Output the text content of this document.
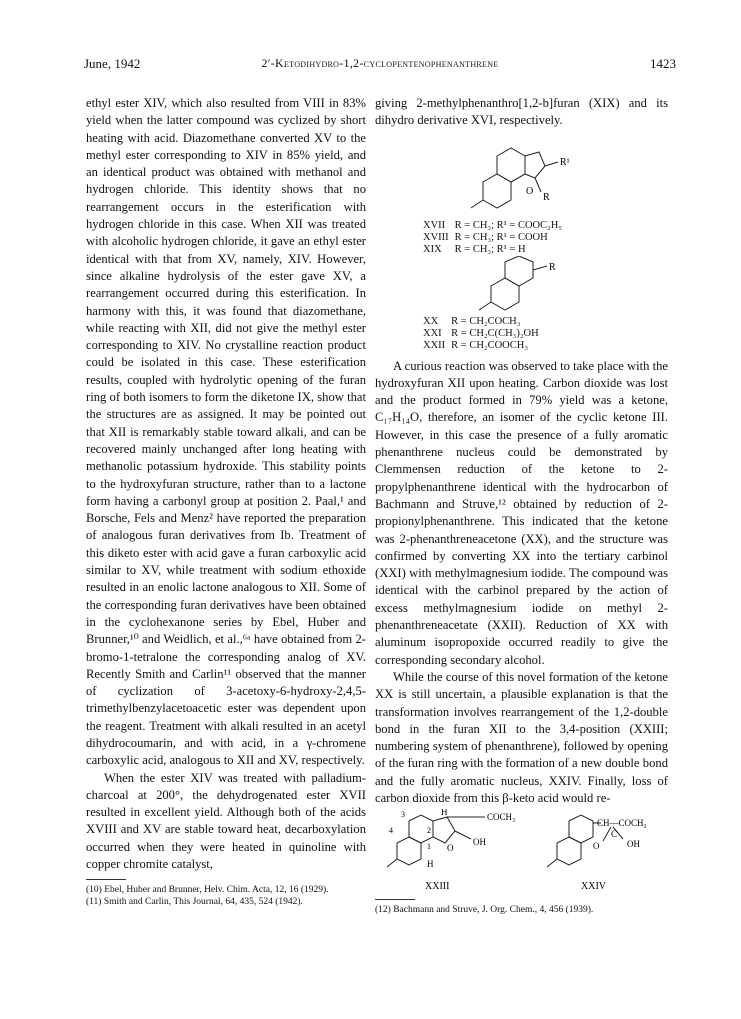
June, 1942	2′-Ketodihydro-1,2-cyclopentenophenanthrene	1423

ethyl ester XIV, which also resulted from VIII in 83% yield when the latter compound was cyclized by short heating with acid. Diazomethane converted XV to the methyl ester corresponding to XIV in 85% yield, and an identical product was obtained with methanol and hydrogen chloride. This identity shows that no rearrangement occurs in the esterification with hydrogen chloride in this case. When XII was treated with alcoholic hydrogen chloride, it gave an ethyl ester identical with that from XV, namely, XIV. However, since alkaline hydrolysis of the ester gave XV, a rearrangement occurred during this esterification. In harmony with this, it was found that diazomethane, while reacting with XII, did not give the methyl ester corresponding to XIV. No crystalline reaction product could be isolated in this case. These esterification results, coupled with hydrolytic opening of the furan ring of both isomers to form the diketone IX, show that the structures are as assigned. It may be pointed out that XII is remarkably stable toward alkali, and can be recovered mainly unchanged after long heating with methanolic potassium hydroxide. This stability points to the hydroxyfuran structure, rather than to a lactone form having a carbonyl group at position 2. Paal,¹ and Borsche, Fels and Menz² have reported the preparation of analogous furan derivatives from Ib. Treatment of this diketo ester with acid gave a furan carboxylic acid similar to XV, while treatment with sodium ethoxide resulted in an enolic lactone analogous to XII. Some of the corresponding furan derivatives have been obtained in the cyclohexanone series by Ebel, Huber and Brunner,¹⁰ and Weidlich, et al.,⁶ᵃ have obtained from 2-bromo-1-tetralone the corresponding analog of XV. Recently Smith and Carlin¹¹ observed that the manner of cyclization of 3-acetoxy-6-hydroxy-2,4,5-trimethylbenzylacetoacetic ester was dependent upon the reagent. Treatment with alkali resulted in an acetyl dihydrocoumarin, and with acid, in a γ-chromene carboxylic acid, analogous to XII and XV, respectively.

When the ester XIV was treated with palladium-charcoal at 200°, the dehydrogenated ester XVII resulted in excellent yield. Although both of the acids XVIII and XV are stable toward heat, decarboxylation occurred when they were heated in quinoline with copper chromite catalyst,

(10) Ebel, Huber and Brunner, Helv. Chim. Acta, 12, 16 (1929).
(11) Smith and Carlin, This Journal, 64, 435, 524 (1942).

giving 2-methylphenanthro[1,2-b]furan (XIX) and its dihydro derivative XVI, respectively.

R¹
O
R
XVII	R = CH₃; R¹ = COOC₂H₅
XVIII	R = CH₃; R¹ = COOH
XIX	R = CH₃; R¹ = H
R
XX	R = CH₂COCH₃
XXI	R = CH₂C(CH₃)₂OH
XXII	R = CH₂COOCH₃

A curious reaction was observed to take place with the hydroxyfuran XII upon heating. Carbon dioxide was lost and the product formed in 79% yield was a ketone, C₁₇H₁₄O, therefore, an isomer of the cyclic ketone III. However, in this case the presence of a fully aromatic phenanthrene nucleus could be demonstrated by Clemmensen reduction of the ketone to 2-propylphenanthrene identical with the hydrocarbon of Bachmann and Struve,¹² obtained by reduction of 2-propionylphenanthrene. This indicated that the ketone was 2-phenanthreneacetone (XX), and the structure was confirmed by converting XX into the tertiary carbinol (XXI) with methylmagnesium iodide. The compound was identical with the carbinol prepared by the action of excess methylmagnesium iodide on methyl 2-phenanthreneacetate (XXII). Reduction of XX with aluminum isopropoxide occurred readily to give the corresponding secondary alcohol.

While the course of this novel formation of the ketone XX is still uncertain, a plausible explanation is that the transformation involves rearrangement of the 1,2-double bond in the furan XII to the 3,4-position (XXIII; numbering system of phenanthrene), followed by opening of the furan ring with the formation of a new double bond and the fully aromatic nucleus, XXIV. Finally, loss of carbon dioxide from this β-keto acid would re-

3
4	2
1
H
H
COCH₃
OH
O
XXIII
CH—COCH₃
O
C
OH
XXIV
(12) Bachmann and Struve, J. Org. Chem., 4, 456 (1939).
